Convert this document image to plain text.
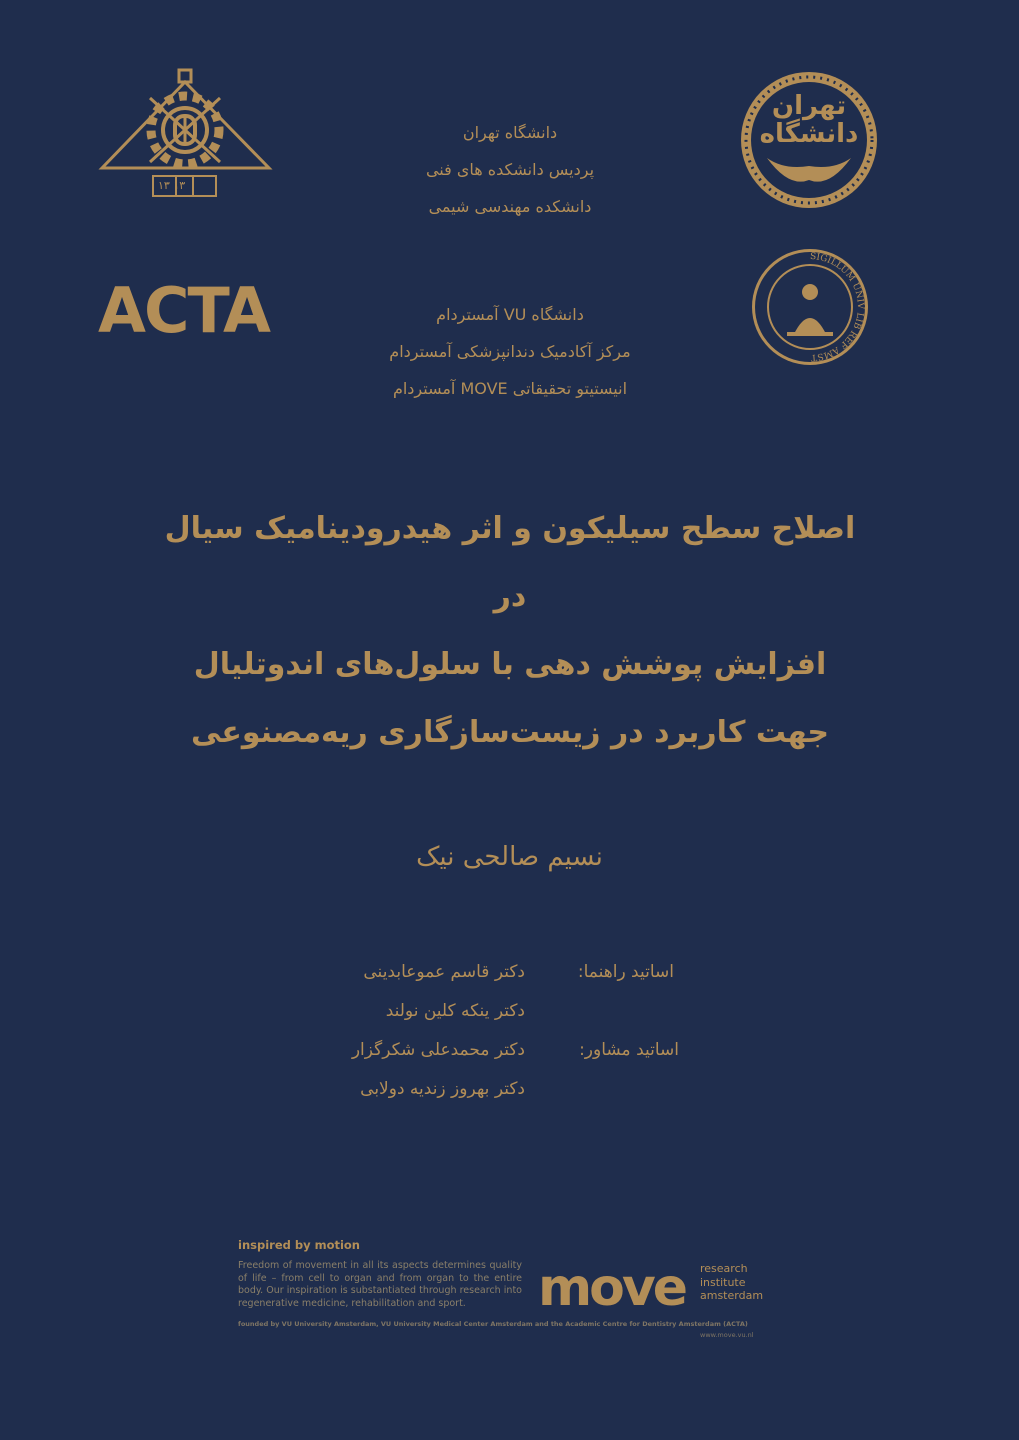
۱۳ ۱۳
تهران دانشگاه
ACTA
SIGILLUM UNIV LIB REF AMST
دانشگاه تهران
پردیس دانشکده های فنی
دانشکده مهندسی شیمی
دانشگاه VU آمستردام
مرکز آکادمیک دندانپزشکی آمستردام
انیستیتو تحقیقاتی MOVE آمستردام
اصلاح سطح سیلیکون و اثر هیدرودینامیک سیال در
افزایش پوشش دهی با سلول‌های اندوتلیال
جهت کاربرد در زیست‌سازگاری ریه‌مصنوعی
نسیم صالحی نیک
اساتید راهنما:
دکتر قاسم عموعابدینی
دکتر ینکه کلین نولند
اساتید مشاور:
دکتر محمدعلی شکرگزار
دکتر بهروز زندیه دولابی
inspired by motion
Freedom of movement in all its aspects determines quality of life – from cell to organ and from organ to the entire body. Our inspiration is substantiated through research into regenerative medicine, rehabilitation and sport.	move research
institute
amsterdam
founded by VU University Amsterdam, VU University Medical Center Amsterdam and the Academic Centre for Dentistry Amsterdam (ACTA)
www.move.vu.nl
